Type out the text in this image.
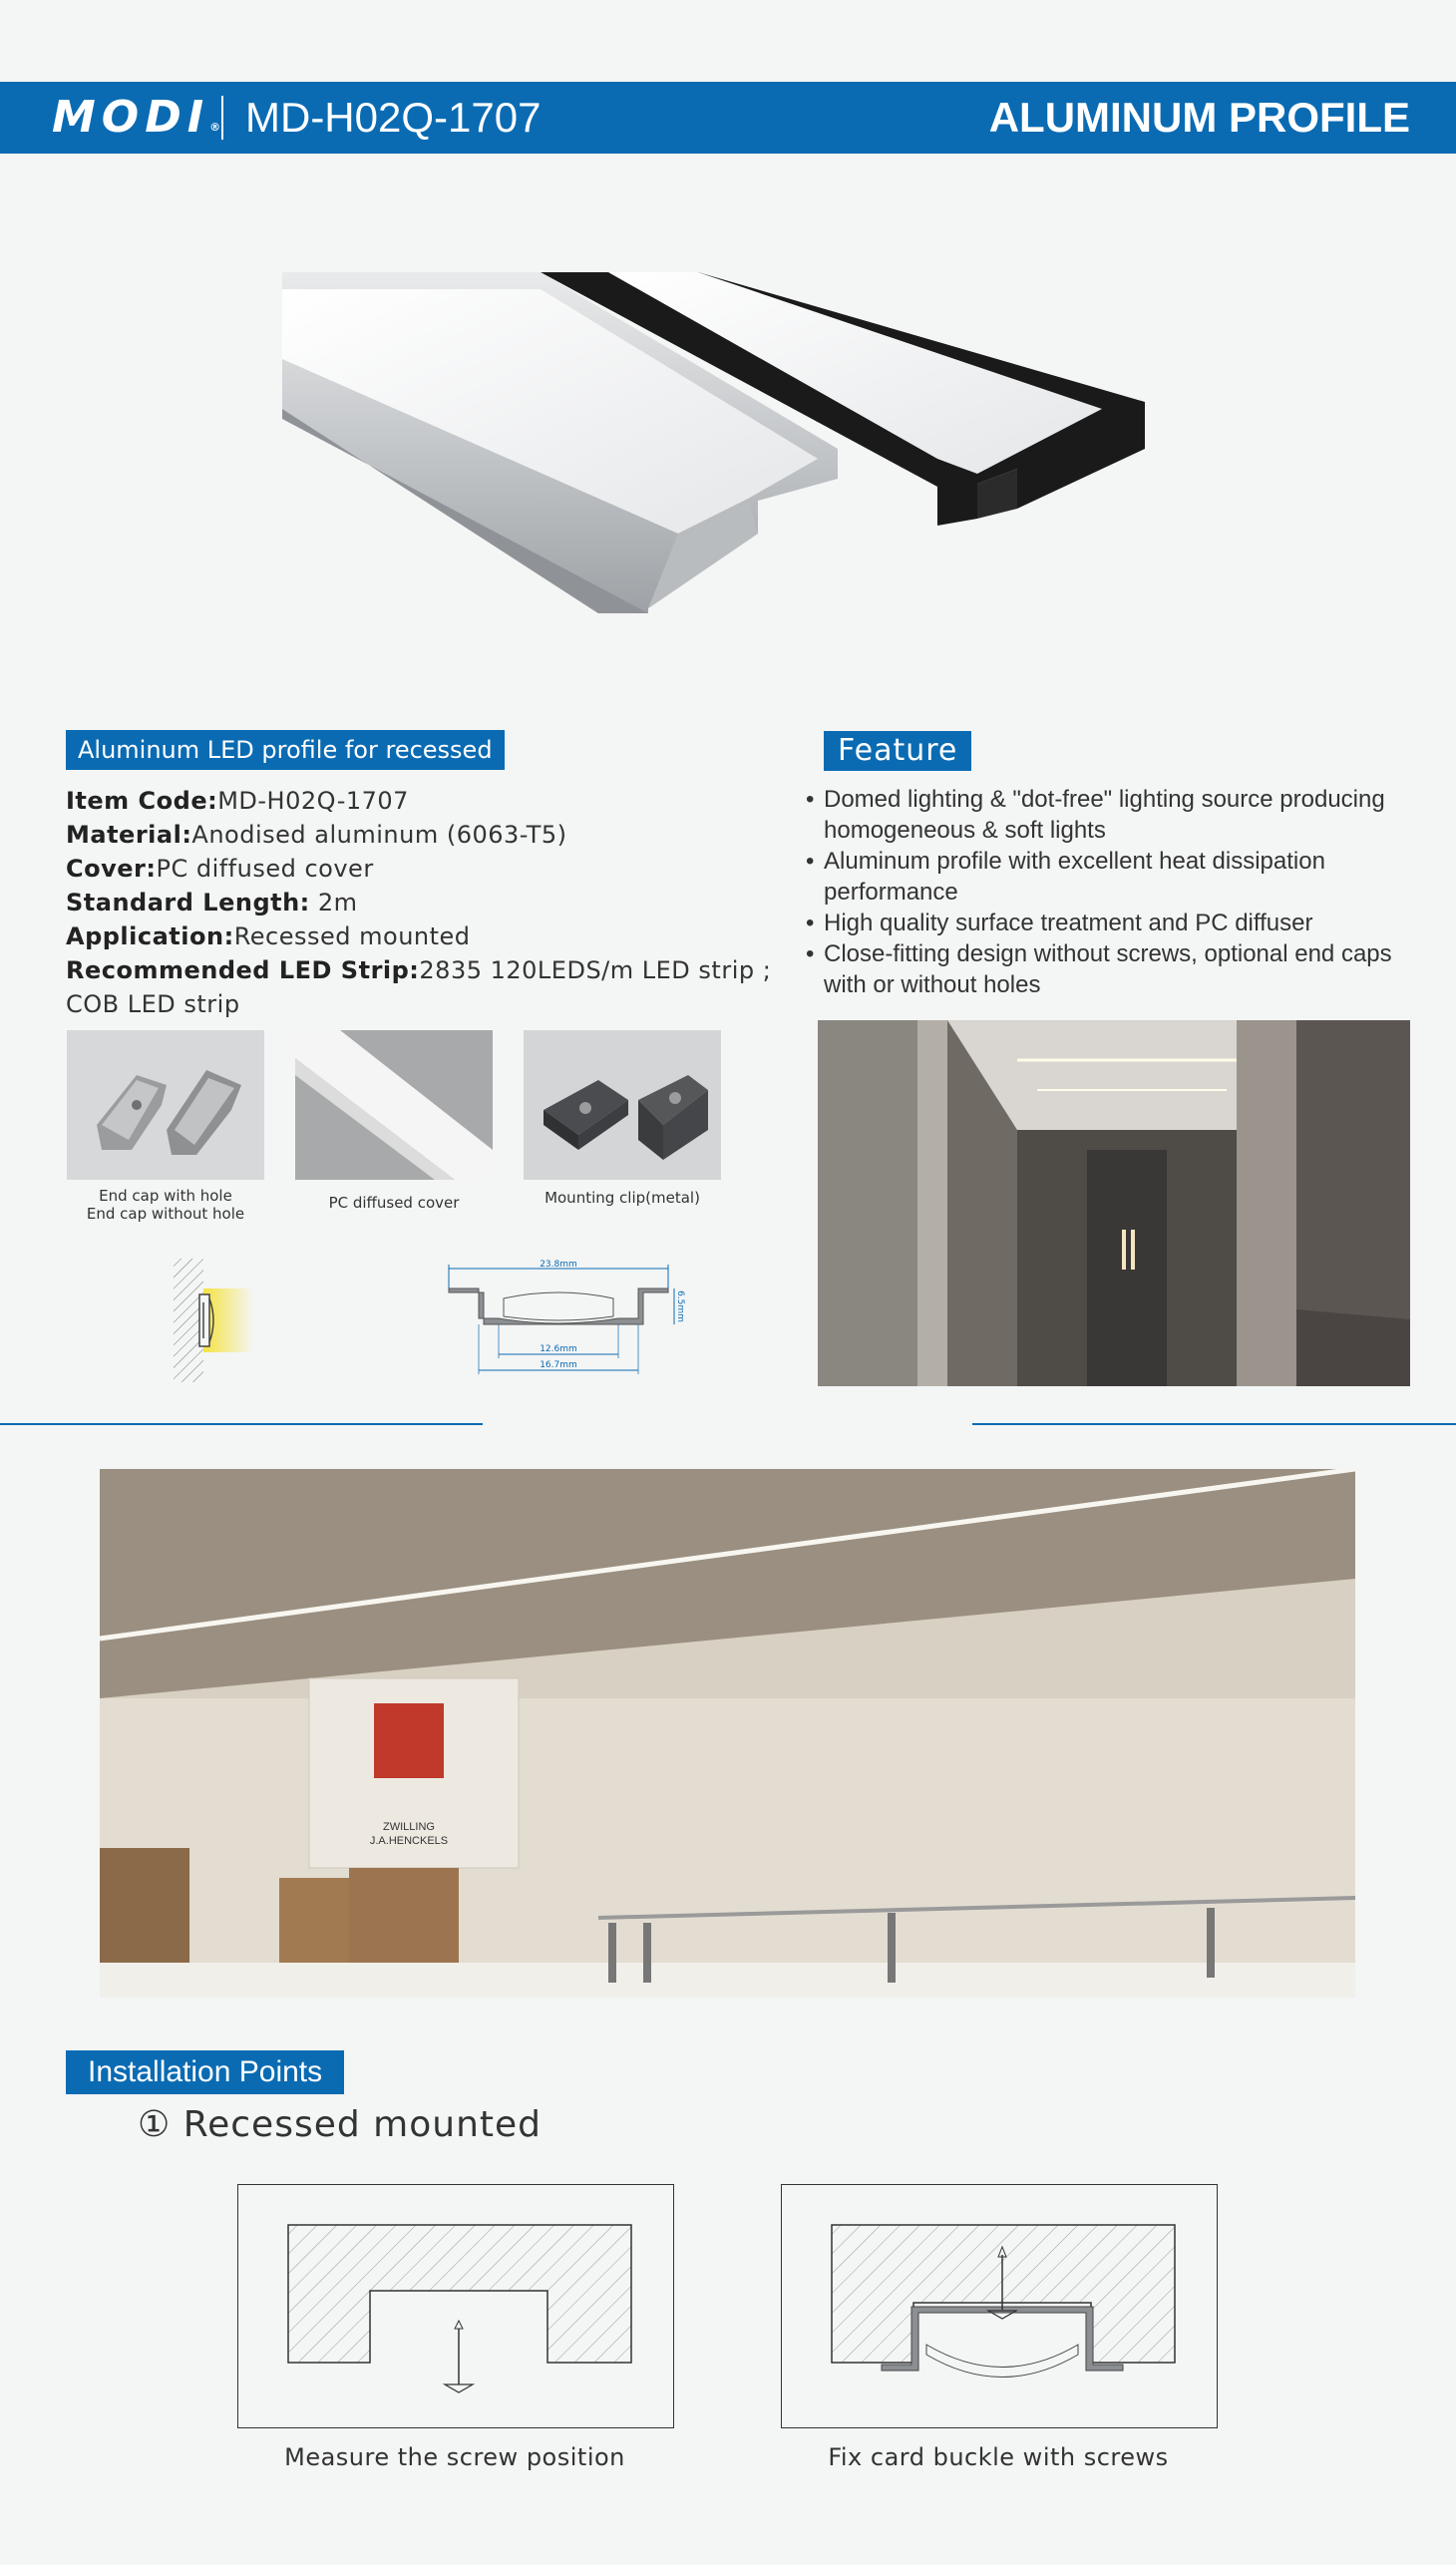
MODI® MD-H02Q-1707	ALUMINUM PROFILE
Aluminum LED profile for recessed
Item Code:MD-H02Q-1707
Material:Anodised aluminum (6063-T5)
Cover:PC diffused cover
Standard Length: 2m
Application:Recessed mounted
Recommended LED Strip:2835 120LEDS/m LED strip ;
COB LED strip
Feature
• Domed lighting & "dot-free" lighting source producing homogeneous & soft lights
• Aluminum profile with excellent heat dissipation performance
• High quality surface treatment and PC diffuser
• Close-fitting design without screws, optional end caps with or without holes
End cap with hole
End cap without hole
PC diffused cover	Mounting clip(metal)
23.8mm
6.5mm
12.6mm
16.7mm
ZWILLING
J.A.HENCKELS
Installation Points
① Recessed mounted
Measure the screw position	Fix card buckle with screws
